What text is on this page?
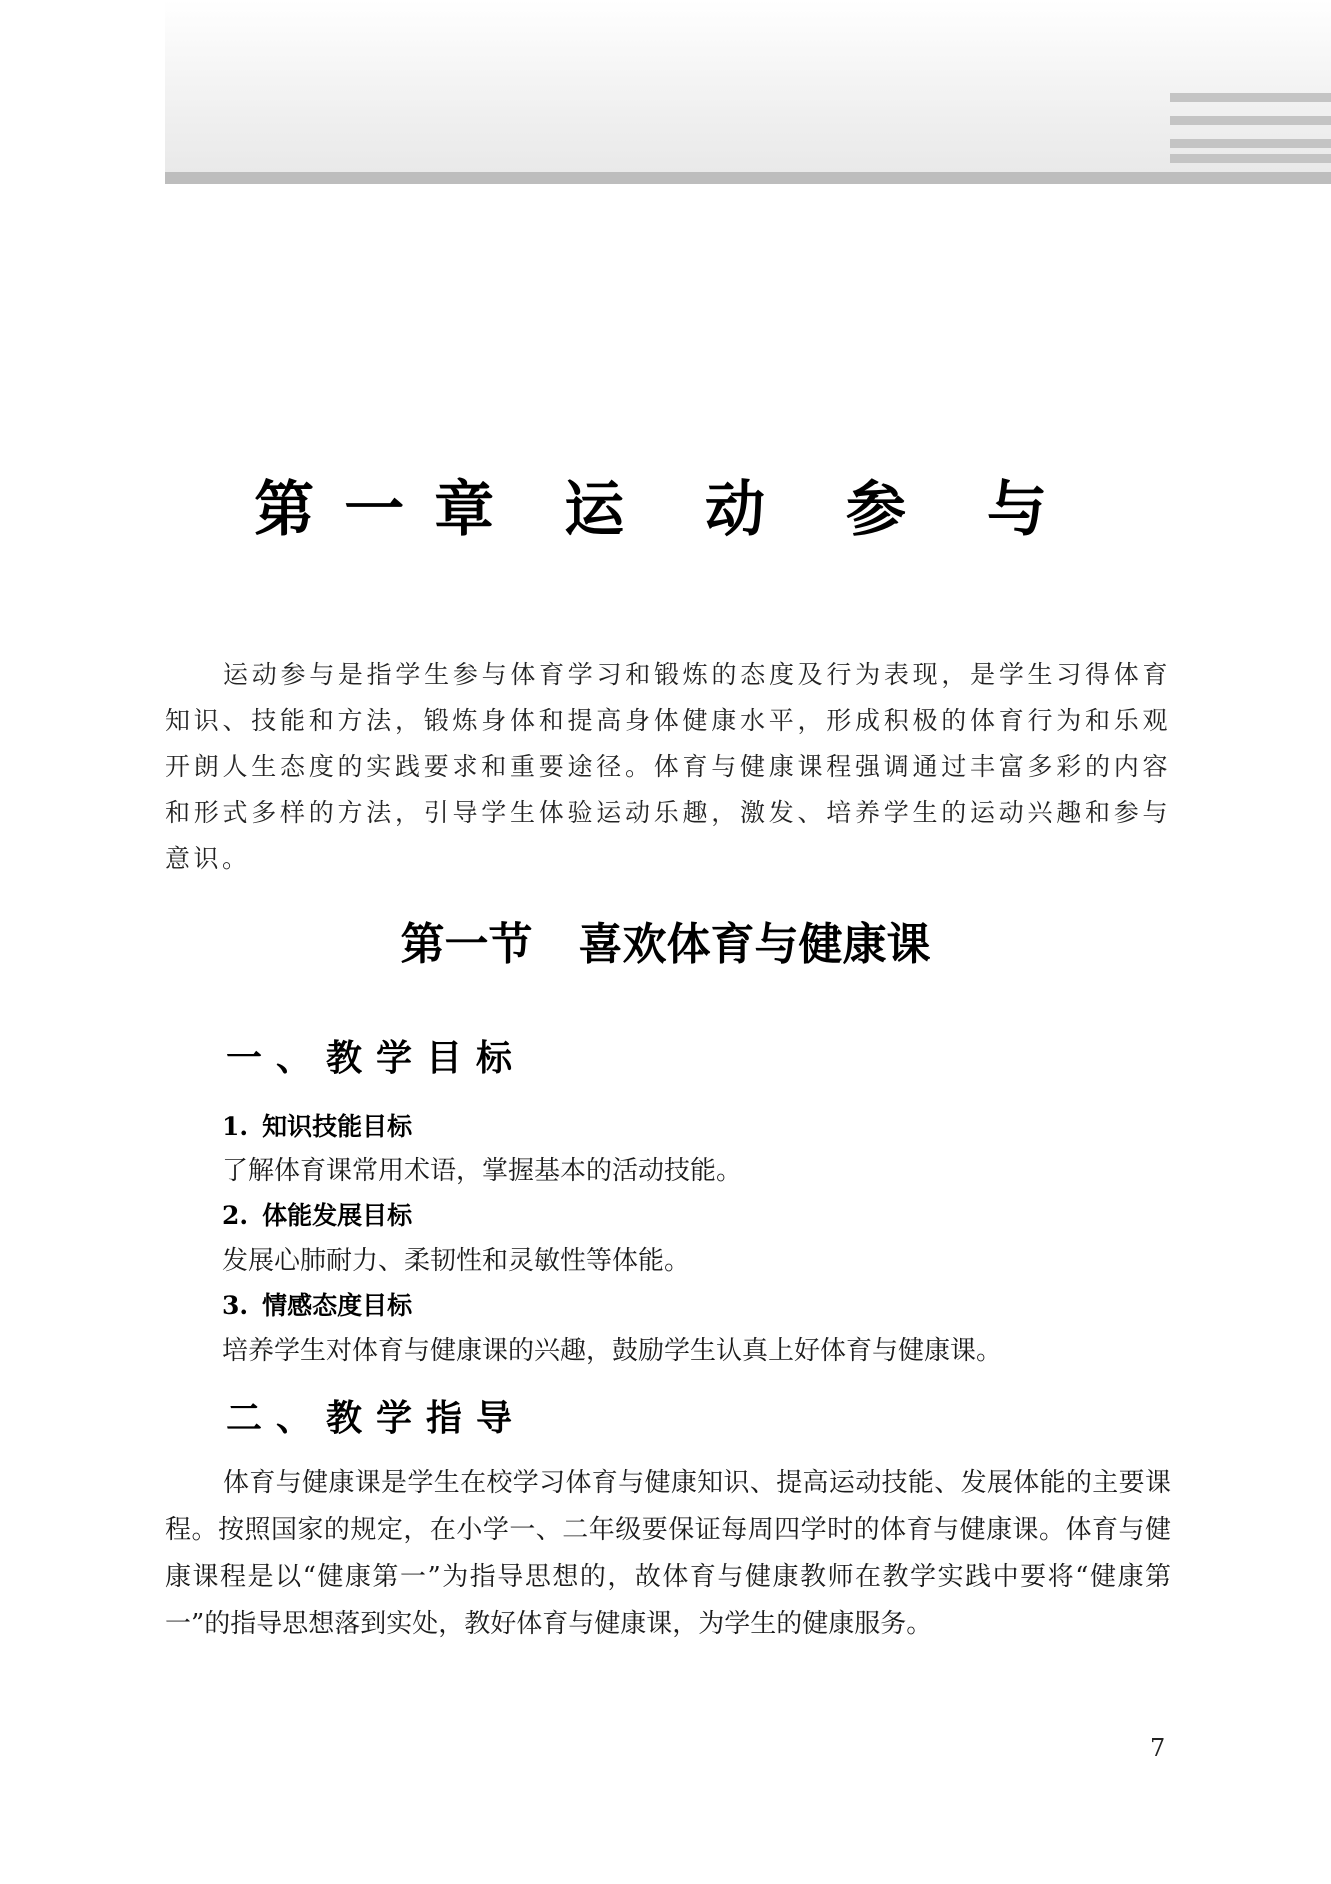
第一章 运 动 参 与

运动参与是指学生参与体育学习和锻炼的态度及行为表现，是学生习得体育知识、技能和方法，锻炼身体和提高身体健康水平，形成积极的体育行为和乐观开朗人生态度的实践要求和重要途径。体育与健康课程强调通过丰富多彩的内容和形式多样的方法，引导学生体验运动乐趣，激发、培养学生的运动兴趣和参与意识。

第一节 喜欢体育与健康课
一、教学目标
1. 知识技能目标
了解体育课常用术语，掌握基本的活动技能。
2. 体能发展目标
发展心肺耐力、柔韧性和灵敏性等体能。
3. 情感态度目标
培养学生对体育与健康课的兴趣，鼓励学生认真上好体育与健康课。
二、教学指导

体育与健康课是学生在校学习体育与健康知识、提高运动技能、发展体能的主要课程。按照国家的规定，在小学一、二年级要保证每周四学时的体育与健康课。体育与健康课程是以“健康第一”为指导思想的，故体育与健康教师在教学实践中要将“健康第一”的指导思想落到实处，教好体育与健康课，为学生的健康服务。

7
